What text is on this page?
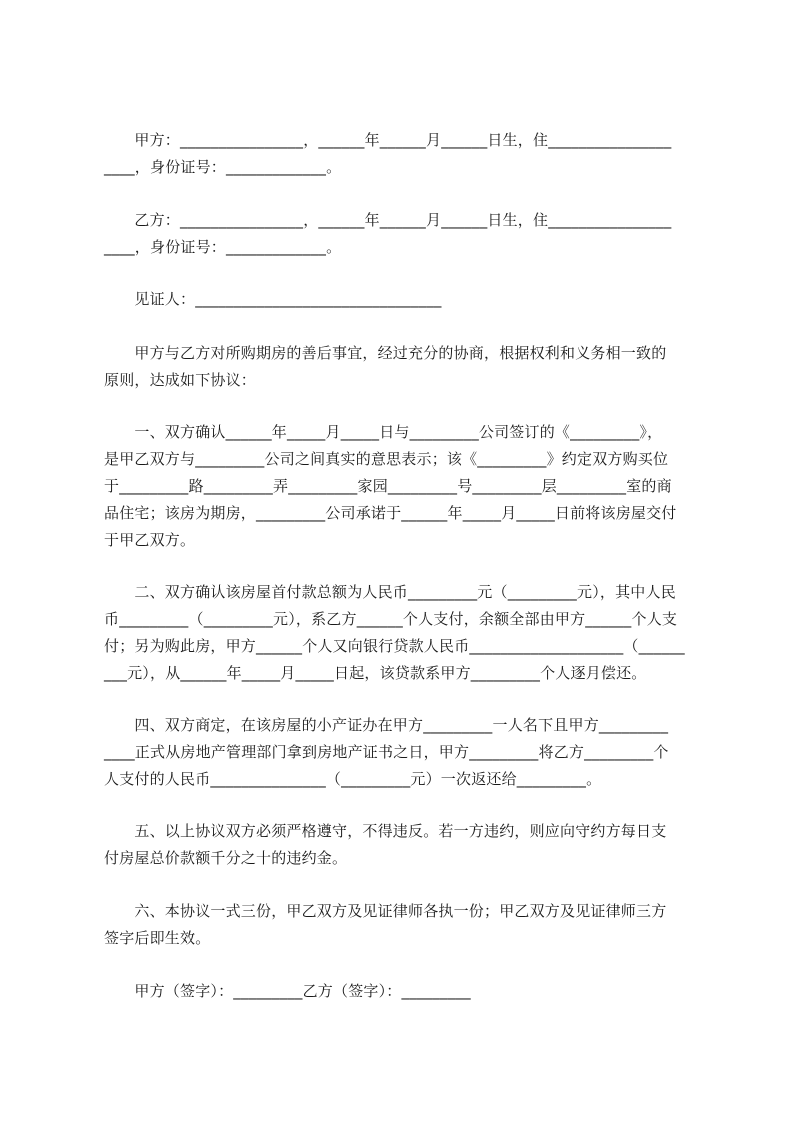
　　甲方：________________，______年______月______日生，住________________
____，身份证号：_____________。
　　乙方：________________，______年______月______日生，住________________
____，身份证号：_____________。
　　见证人：________________________________
　　甲方与乙方对所购期房的善后事宜，经过充分的协商，根据权利和义务相一致的
原则，达成如下协议：
　　一、双方确认______年_____月_____日与_________公司签订的《_________》，
是甲乙双方与_________公司之间真实的意思表示；该《_________》约定双方购买位
于_________路_________弄_________家园_________号_________层_________室的商
品住宅；该房为期房，_________公司承诺于______年_____月_____日前将该房屋交付
于甲乙双方。
　　二、双方确认该房屋首付款总额为人民币_________元（_________元），其中人民
币_________（_________元），系乙方______个人支付，余额全部由甲方______个人支
付；另为购此房，甲方______个人又向银行贷款人民币____________________（______
___元），从______年_____月_____日起，该贷款系甲方_________个人逐月偿还。
　　四、双方商定，在该房屋的小产证办在甲方_________一人名下且甲方_________
____正式从房地产管理部门拿到房地产证书之日，甲方_________将乙方_________个
人支付的人民币_______________（_________元）一次返还给_________。
　　五、以上协议双方必须严格遵守，不得违反。若一方违约，则应向守约方每日支
付房屋总价款额千分之十的违约金。
　　六、本协议一式三份，甲乙双方及见证律师各执一份；甲乙双方及见证律师三方
签字后即生效。
　　甲方（签字）：_________乙方（签字）：_________
